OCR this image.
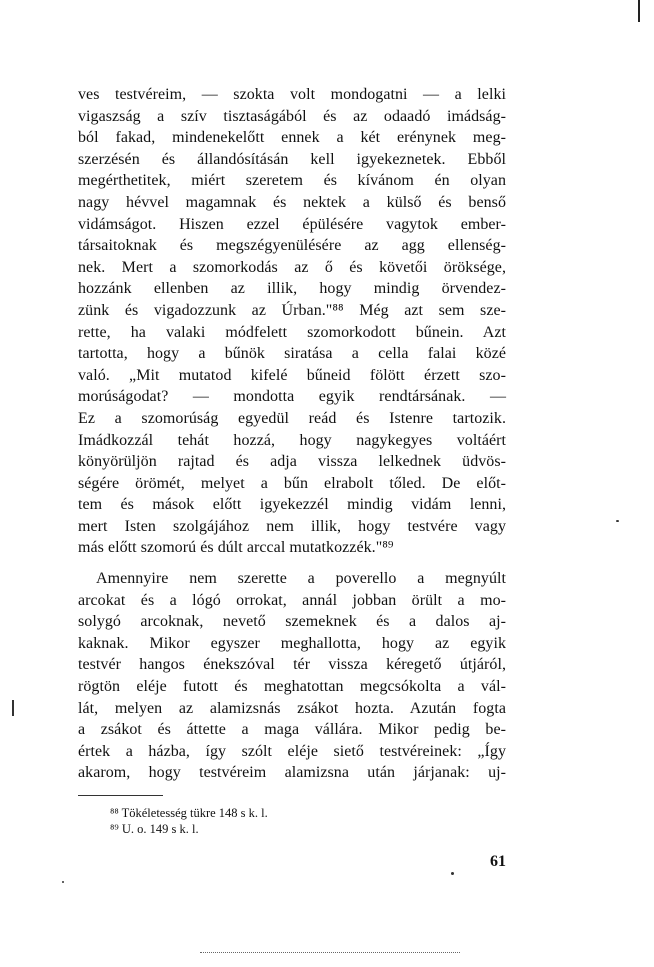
ves testvéreim, — szokta volt mondogatni — a lelki
vigaszság a szív tisztaságából és az odaadó imádság-
ból fakad, mindenekelőtt ennek a két erénynek meg-
szerzésén és állandósításán kell igyekeznetek. Ebből
megérthetitek, miért szeretem és kívánom én olyan
nagy hévvel magamnak és nektek a külső és benső
vidámságot. Hiszen ezzel épülésére vagytok ember-
társaitoknak és megszégyenülésére az agg ellenség-
nek. Mert a szomorkodás az ő és követői öröksége,
hozzánk ellenben az illik, hogy mindig örvendez-
zünk és vigadozzunk az Úrban."⁸⁸ Még azt sem sze-
rette, ha valaki módfelett szomorkodott bűnein. Azt
tartotta, hogy a bűnök siratása a cella falai közé
való. „Mit mutatod kifelé bűneid fölött érzett szo-
morúságodat? — mondotta egyik rendtársának. —
Ez a szomorúság egyedül reád és Istenre tartozik.
Imádkozzál tehát hozzá, hogy nagykegyes voltáért
könyörüljön rajtad és adja vissza lelkednek üdvös-
ségére örömét, melyet a bűn elrabolt tőled. De előt-
tem és mások előtt igyekezzél mindig vidám lenni,
mert Isten szolgájához nem illik, hogy testvére vagy
más előtt szomorú és dúlt arccal mutatkozzék."⁸⁹
Amennyire nem szerette a poverello a megnyúlt
arcokat és a lógó orrokat, annál jobban örült a mo-
solygó arcoknak, nevető szemeknek és a dalos aj-
kaknak. Mikor egyszer meghallotta, hogy az egyik
testvér hangos énekszóval tér vissza kéregető útjáról,
rögtön eléje futott és meghatottan megcsókolta a vál-
lát, melyen az alamizsnás zsákot hozta. Azután fogta
a zsákot és áttette a maga vállára. Mikor pedig be-
értek a házba, így szólt eléje siető testvéreinek: „Így
akarom, hogy testvéreim alamizsna után járjanak: uj-
⁸⁸ Tökéletesség tükre 148 s k. l.
⁸⁹ U. o. 149 s k. l.
61
